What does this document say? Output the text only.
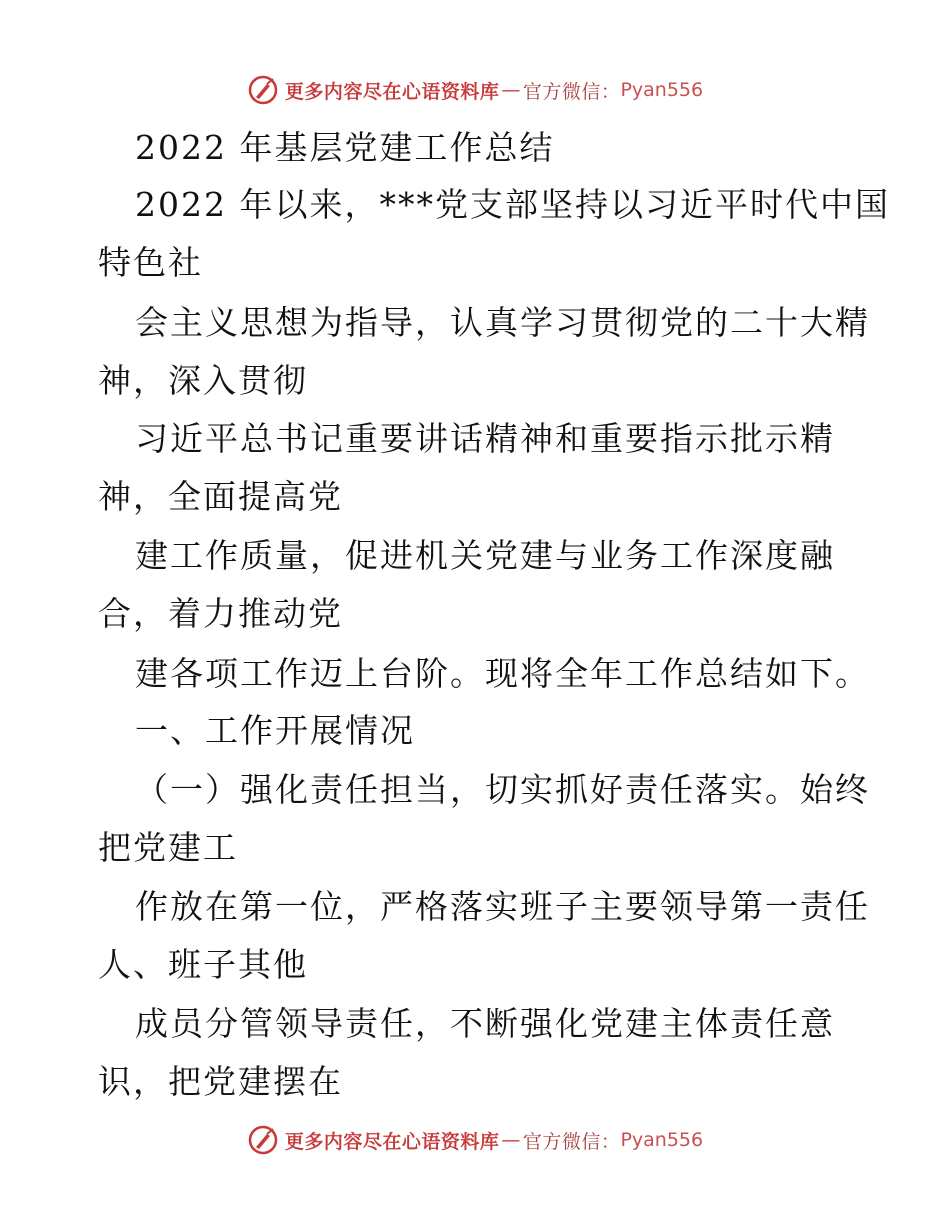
更多内容尽在心语资料库 — 官方微信： Pyan556
2022 年基层党建工作总结
2022 年以来，***党支部坚持以习近平时代中国
特色社
会主义思想为指导，认真学习贯彻党的二十大精
神，深入贯彻
习近平总书记重要讲话精神和重要指示批示精
神，全面提高党
建工作质量，促进机关党建与业务工作深度融
合，着力推动党
建各项工作迈上台阶。现将全年工作总结如下。
一、工作开展情况
（一）强化责任担当，切实抓好责任落实。始终
把党建工
作放在第一位，严格落实班子主要领导第一责任
人、班子其他
成员分管领导责任，不断强化党建主体责任意
识，把党建摆在
更多内容尽在心语资料库 — 官方微信： Pyan556
